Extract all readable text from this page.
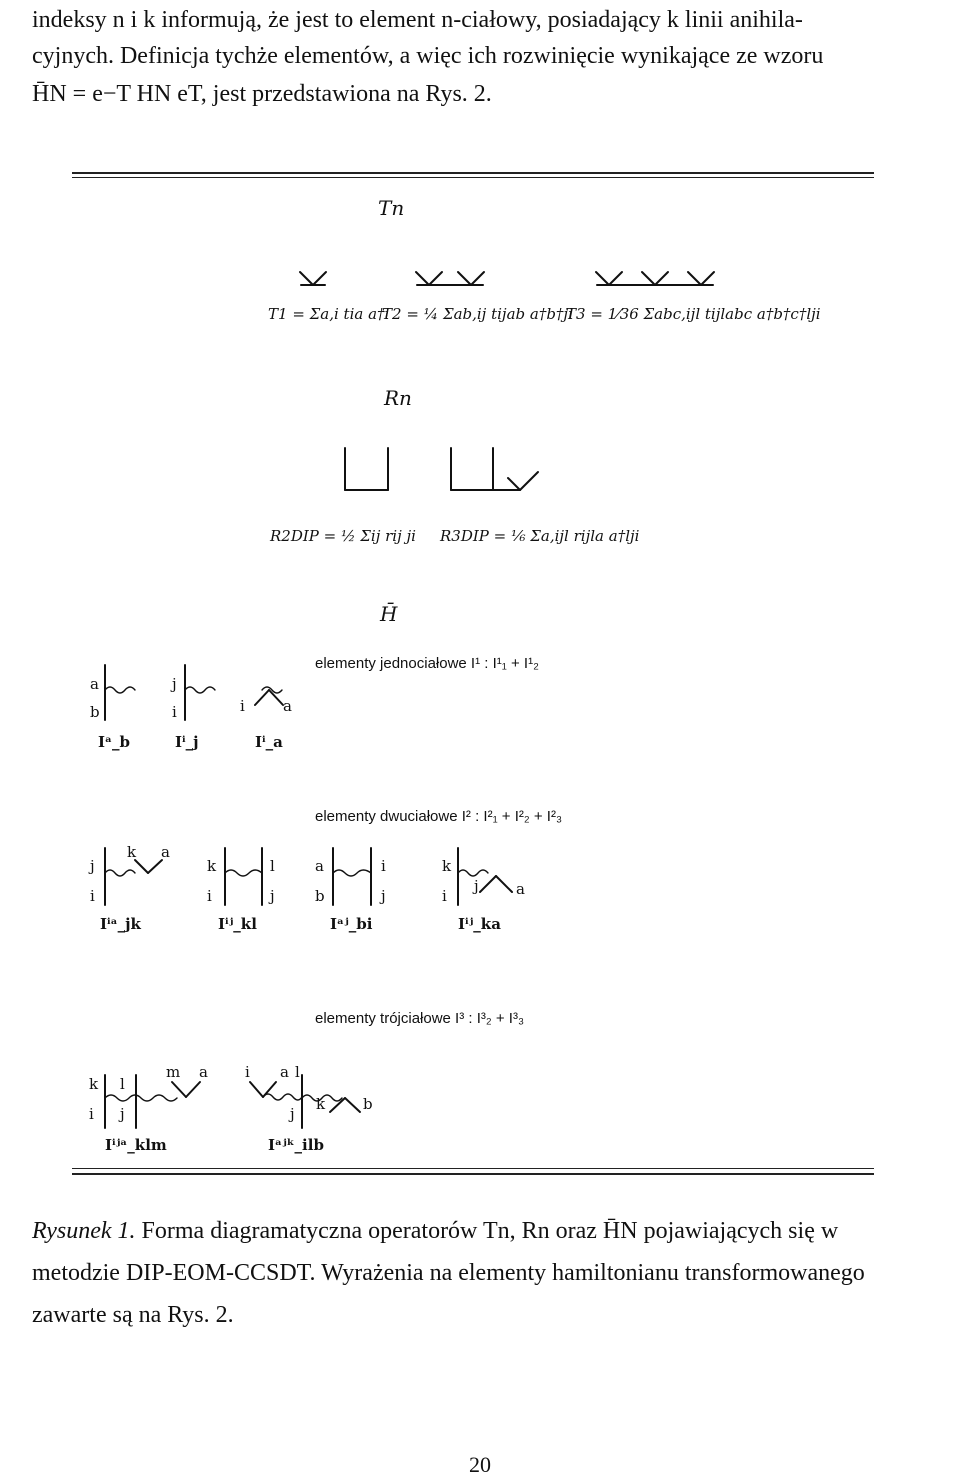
indeksy n i k informują, że jest to element n-ciałowy, posiadający k linii anihila-

cyjnych. Definicja tychże elementów, a więc ich rozwinięcie wynikające ze wzoru

H̄N = e−T HN eT, jest przedstawiona na Rys. 2.

Tn
Rn
H̄
T1 = Σa,i tia a†i
T2 = ¼ Σab,ij tijab a†b†ji
T3 = 1⁄36 Σabc,ijl tijlabc a†b†c†lji
R2DIP = ½ Σij rij ji R3DIP = ⅙ Σa,ijl rijla a†lji
elementy jednociałowe I¹ : I¹₁ + I¹₂
elementy dwuciałowe I² : I²₁ + I²₂ + I²₃
elementy trójciałowe I³ : I³₂ + I³₃
a
b
j
i	i	a
Iᵃ_b	Iⁱ_j	Iⁱ_a
j
i
k a
Iⁱᵃ_jk
k
i
l
j
Iⁱʲ_kl
a
b
i
j
Iᵃʲ_bi
k
i
j a
Iⁱʲ_ka
k
i
l
j
m a
Iⁱʲᵃ_klm
i a l
j
k	b
Iᵃʲᵏ_ilb
Rysunek 1. Forma diagramatyczna operatorów Tn, Rn oraz H̄N pojawiających się w metodzie DIP-EOM-CCSDT. Wyrażenia na elementy hamiltonianu transformowanego zawarte są na Rys. 2.
20
